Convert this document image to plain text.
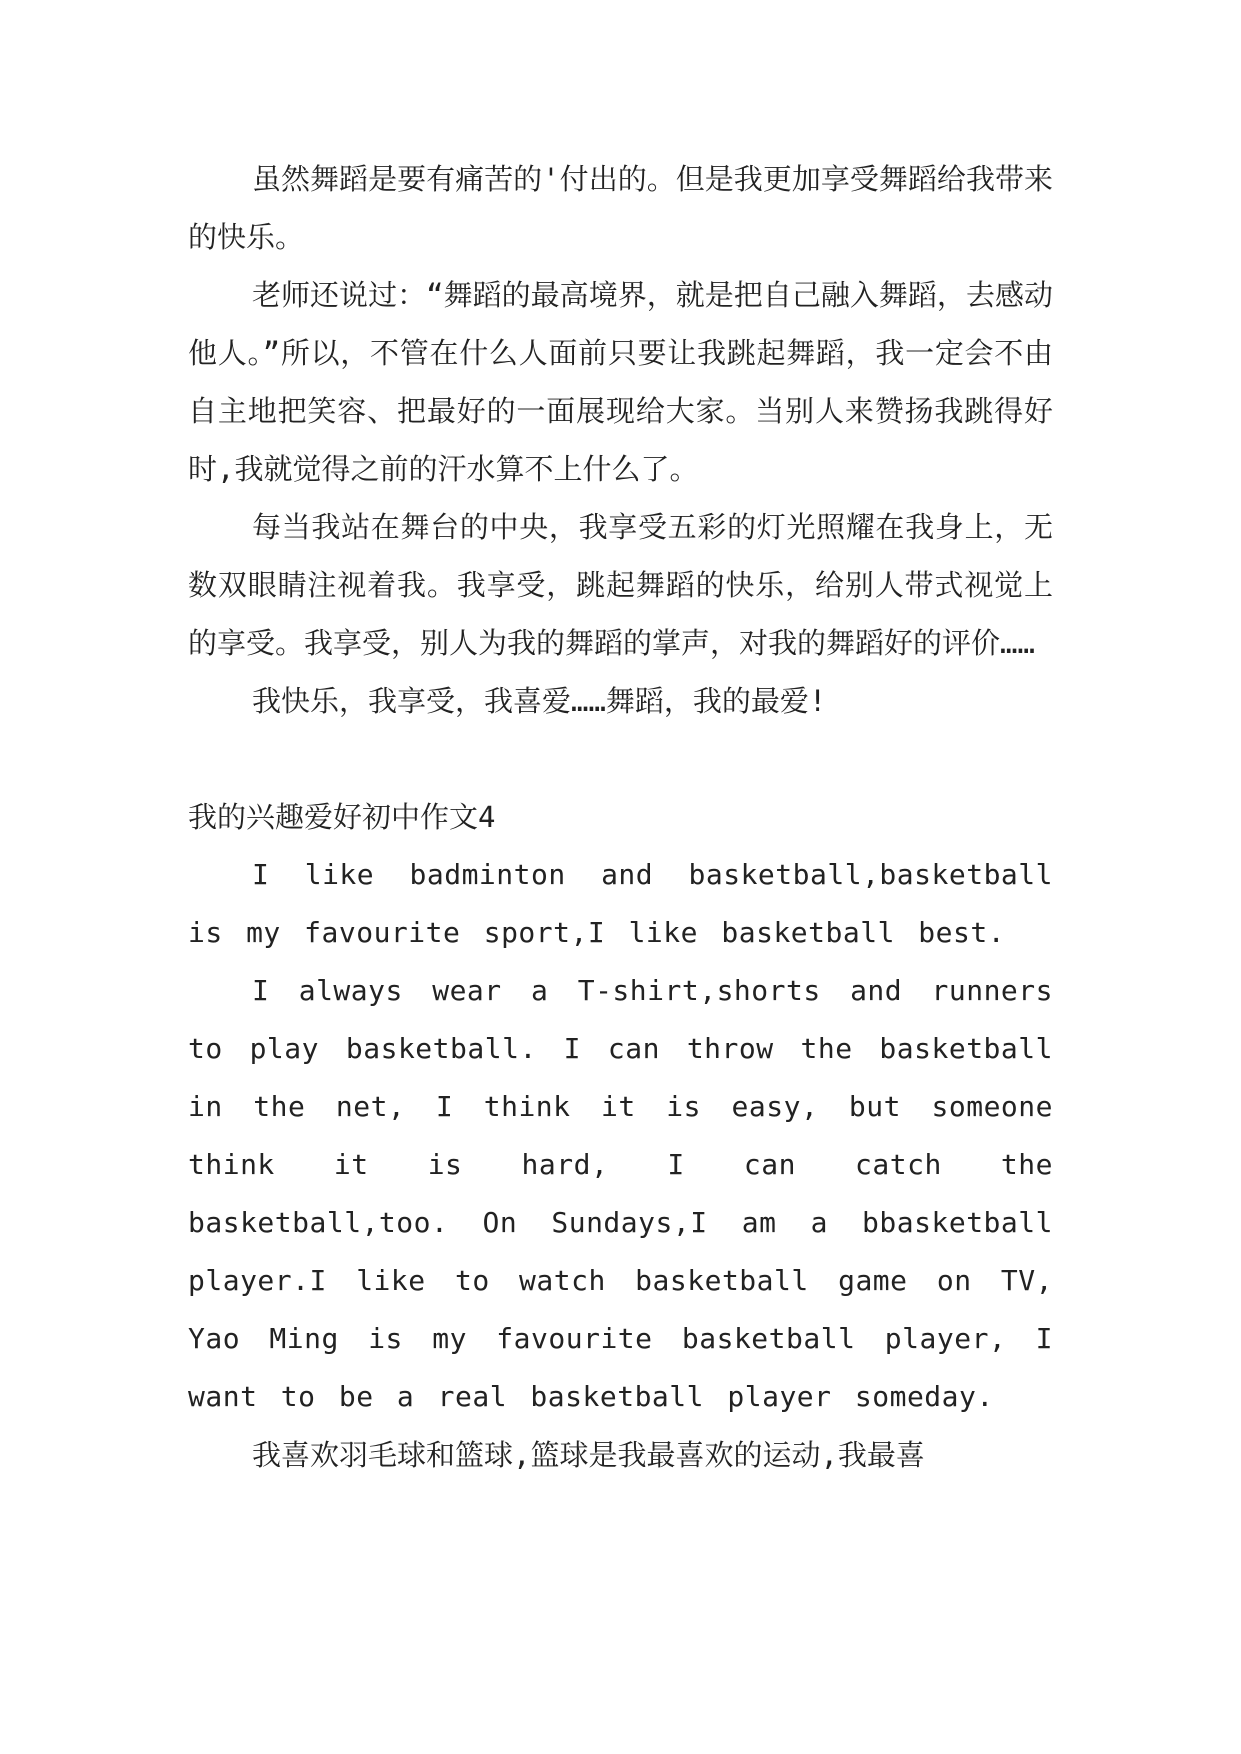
虽然舞蹈是要有痛苦的'付出的。但是我更加享受舞蹈给我带来的快乐。

老师还说过：“舞蹈的最高境界，就是把自己融入舞蹈，去感动他人。”所以，不管在什么人面前只要让我跳起舞蹈，我一定会不由自主地把笑容、把最好的一面展现给大家。当别人来赞扬我跳得好时,我就觉得之前的汗水算不上什么了。

每当我站在舞台的中央，我享受五彩的灯光照耀在我身上，无数双眼睛注视着我。我享受，跳起舞蹈的快乐，给别人带式视觉上的享受。我享受，别人为我的舞蹈的掌声，对我的舞蹈好的评价……

我快乐，我享受，我喜爱……舞蹈，我的最爱!

我的兴趣爱好初中作文4

I like badminton and basketball,basketball is my favourite sport,I like basketball best.

I always wear a T-shirt,shorts and runners to play basketball. I can throw the basketball in the net, I think it is easy, but someone think it is hard, I can catch the basketball,too. On Sundays,I am a bbasketball player.I like to watch basketball game on TV, Yao Ming is my favourite basketball player, I want to be a real basketball player someday.

我喜欢羽毛球和篮球,篮球是我最喜欢的运动,我最喜
